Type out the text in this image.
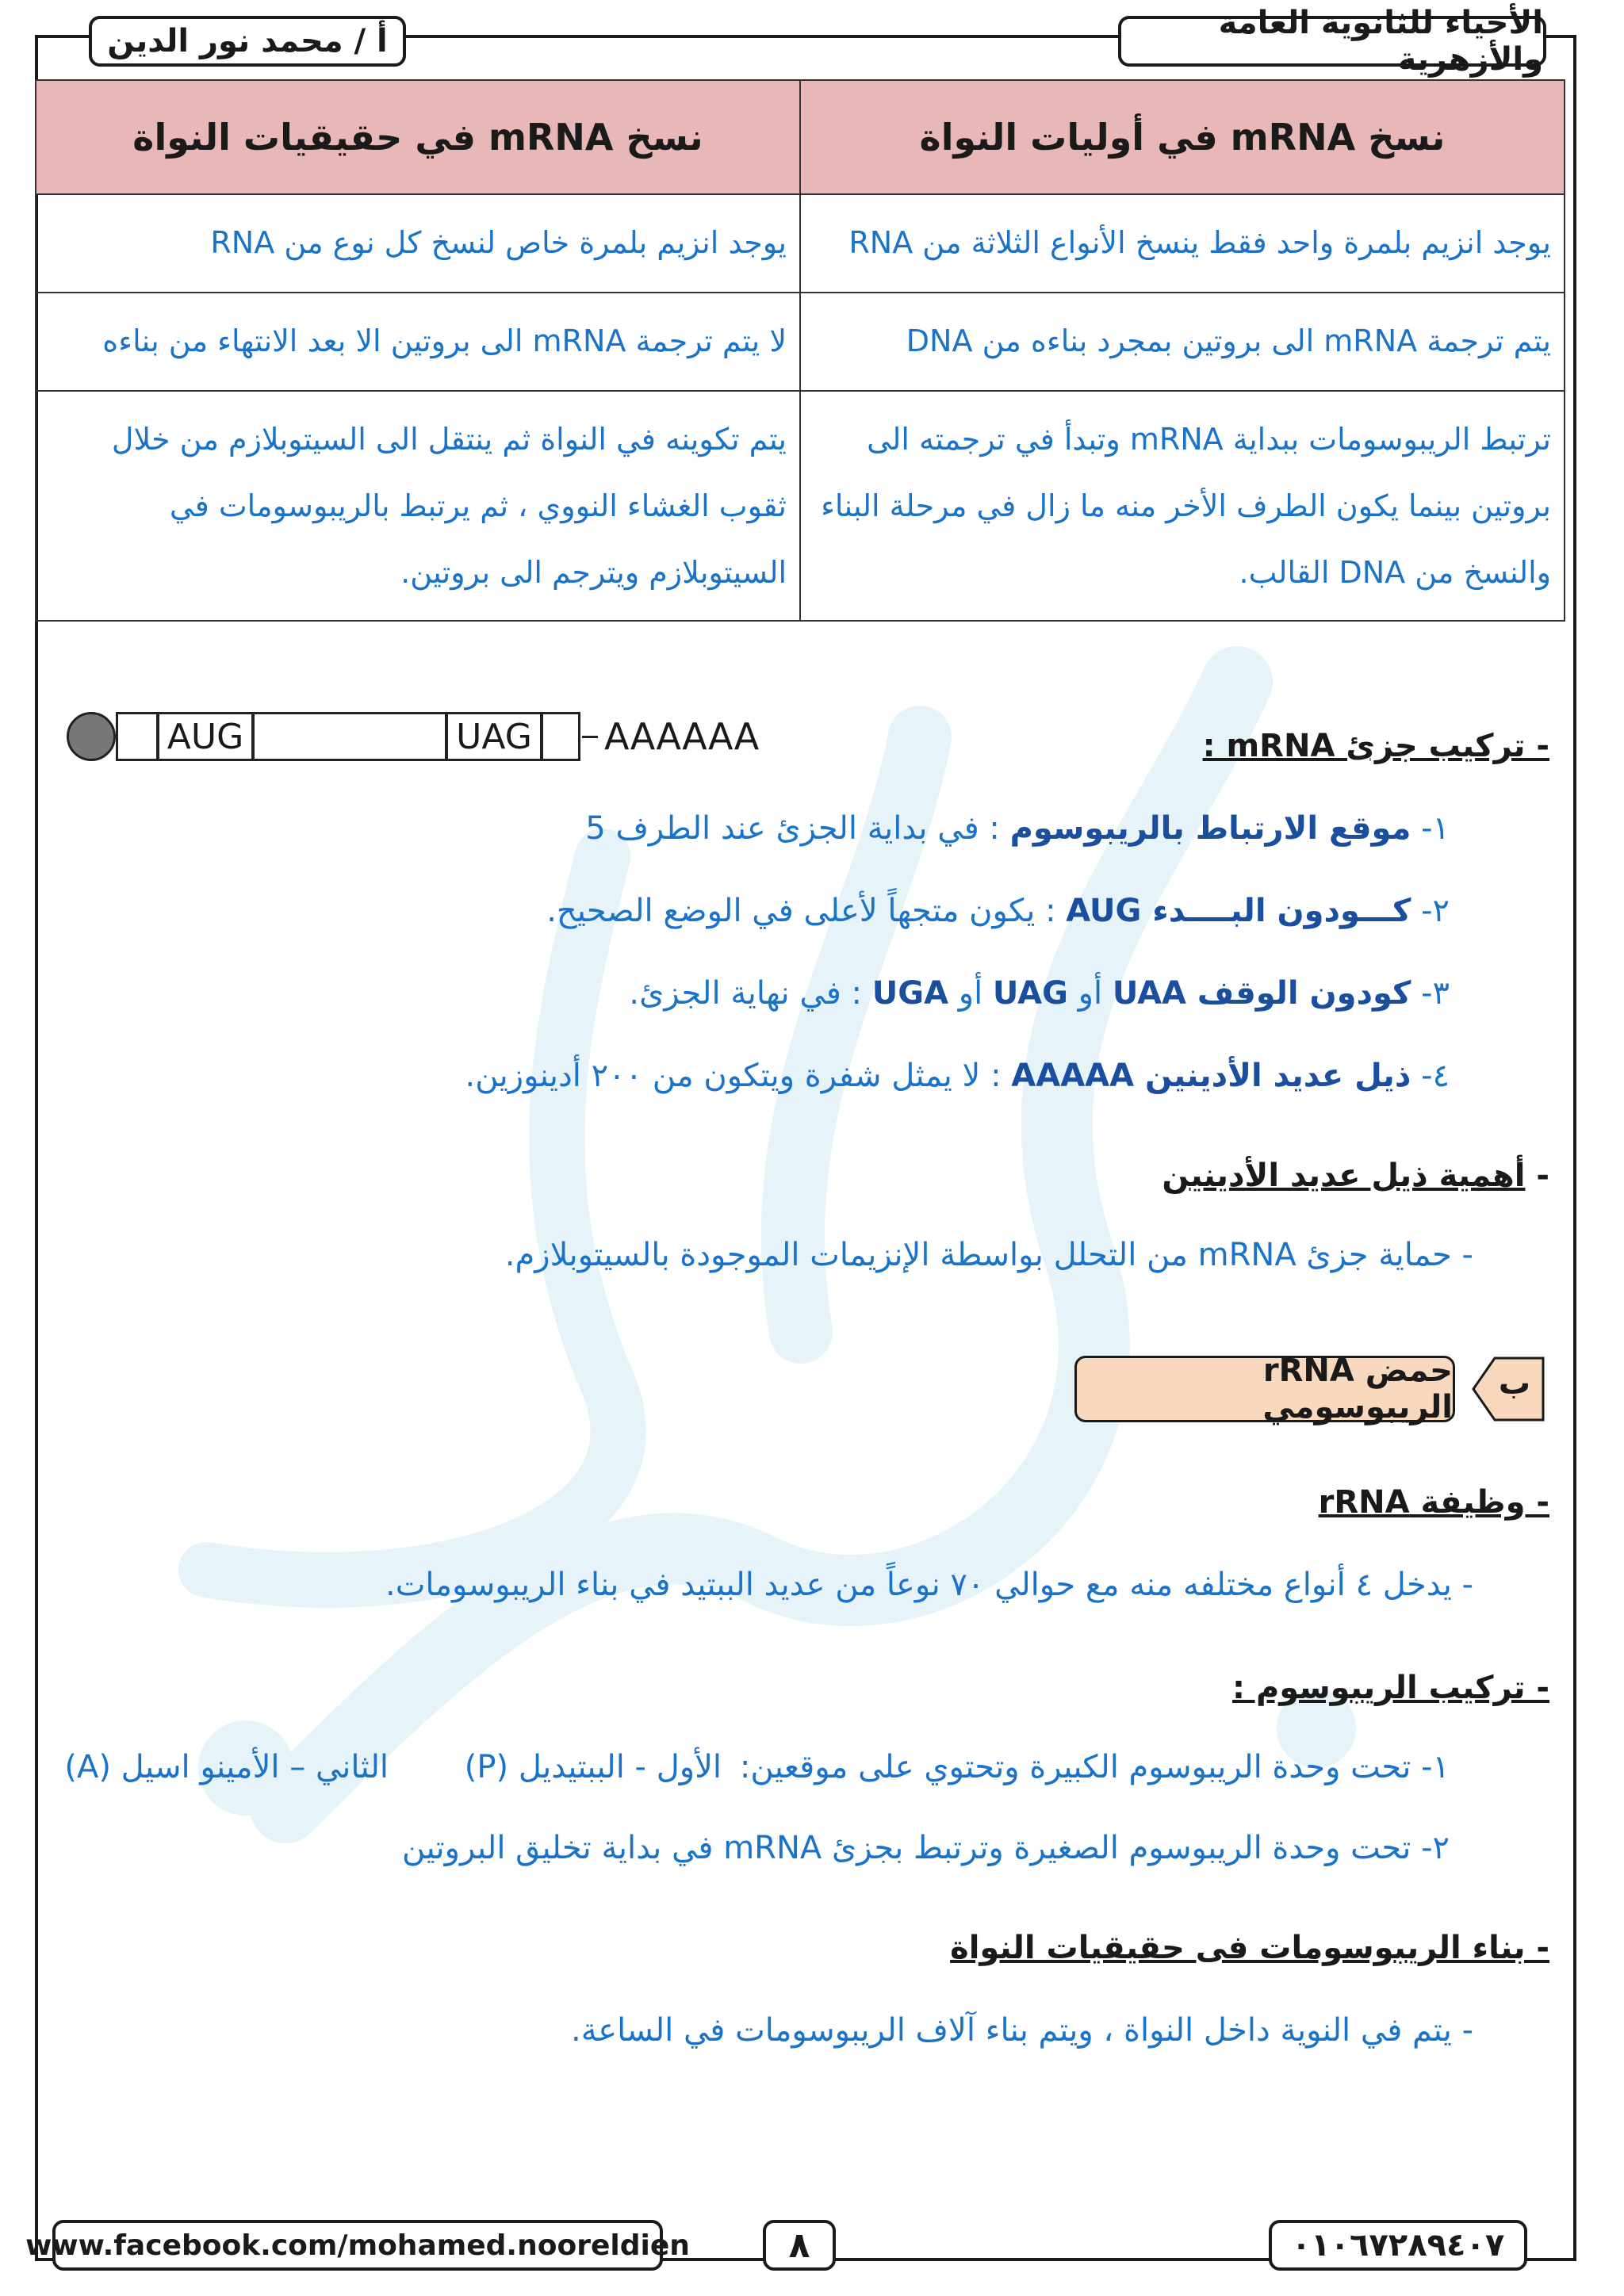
الأحياء للثانوية العامة والأزهرية
أ / محمد نور الدين
نسخ mRNA في أوليات النواة	نسخ mRNA في حقيقيات النواة
يوجد انزيم بلمرة واحد فقط ينسخ الأنواع الثلاثة من RNA	يوجد انزيم بلمرة خاص لنسخ كل نوع من RNA
يتم ترجمة mRNA الى بروتين بمجرد بناءه من DNA	لا يتم ترجمة mRNA الى بروتين الا بعد الانتهاء من بناءه
ترتبط الريبوسومات ببداية mRNA وتبدأ في ترجمته الى بروتين بينما يكون الطرف الأخر منه ما زال في مرحلة البناء والنسخ من DNA القالب.	يتم تكوينه في النواة ثم ينتقل الى السيتوبلازم من خلال ثقوب الغشاء النووي ، ثم يرتبط بالريبوسومات في السيتوبلازم ويترجم الى بروتين.
AUG	UAG AAAAAA	- تركيب جزئ mRNA :
١- موقع الارتباط بالريبوسوم : في بداية الجزئ عند الطرف 5
٢- كـــودون البــــدء AUG : يكون متجهاً لأعلى في الوضع الصحيح.
٣- كودون الوقف UAA أو UAG أو UGA : في نهاية الجزئ.
٤- ذيل عديد الأدينين AAAAA : لا يمثل شفرة ويتكون من ٢٠٠ أدينوزين.
- أهمية ذيل عديد الأدينين
- حماية جزئ mRNA من التحلل بواسطة الإنزيمات الموجودة بالسيتوبلازم.
ب
حمض rRNA الريبوسومي
- وظيفة rRNA
- يدخل ٤ أنواع مختلفه منه مع حوالي ٧٠ نوعاً من عديد الببتيد في بناء الريبوسومات.
- تركيب الريبوسوم :
١- تحت وحدة الريبوسوم الكبيرة وتحتوي على موقعين:
الأول - الببتيديل (P)
الثاني – الأمينو اسيل (A)
٢- تحت وحدة الريبوسوم الصغيرة وترتبط بجزئ mRNA في بداية تخليق البروتين
- بناء الريبوسومات فى حقيقيات النواة
- يتم في النوية داخل النواة ، ويتم بناء آلاف الريبوسومات في الساعة.
www.facebook.com/mohamed.nooreldien	٨	٠١٠٦٧٢٨٩٤٠٧
